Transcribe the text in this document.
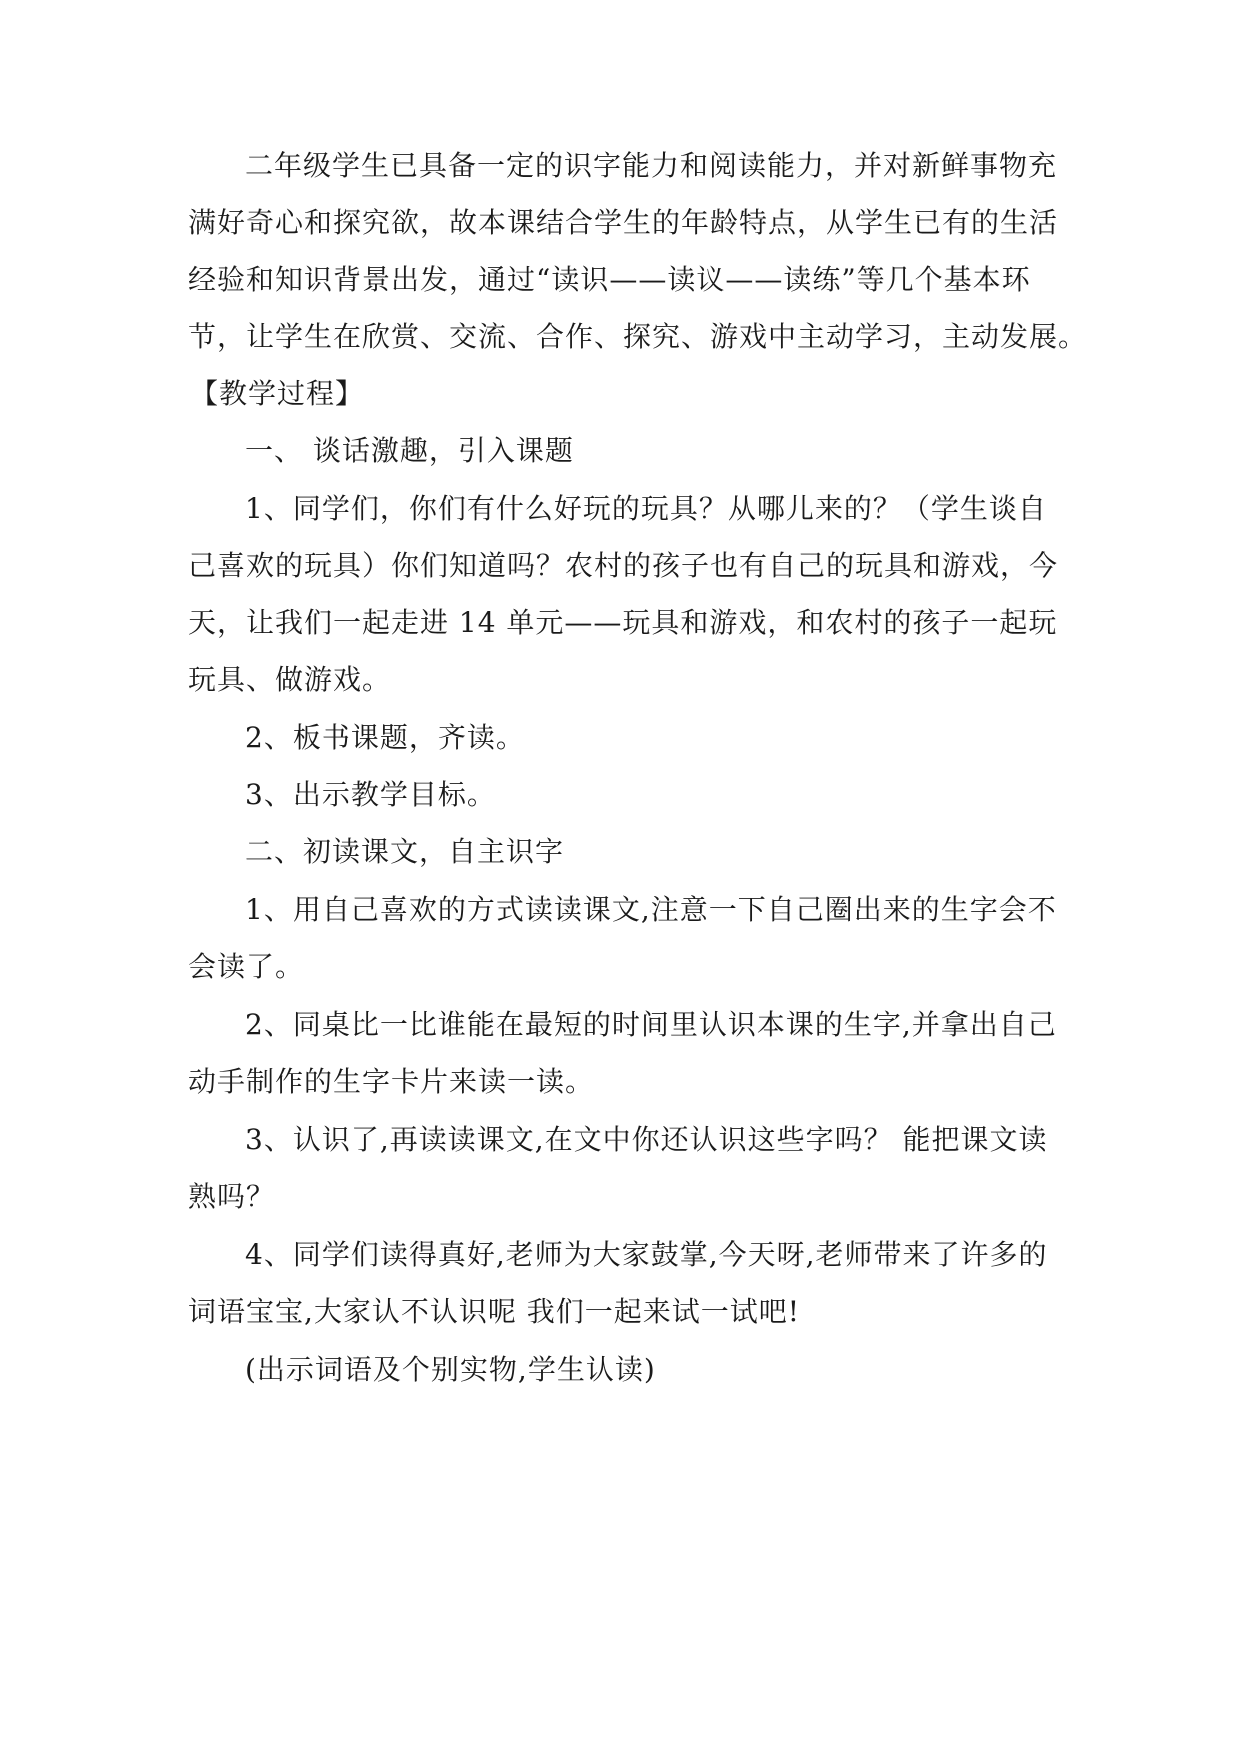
二年级学生已具备一定的识字能力和阅读能力，并对新鲜事物充
满好奇心和探究欲，故本课结合学生的年龄特点，从学生已有的生活
经验和知识背景出发，通过“读识——读议——读练”等几个基本环
节，让学生在欣赏、交流、合作、探究、游戏中主动学习，主动发展。
【教学过程】
一、 谈话激趣，引入课题
1、同学们，你们有什么好玩的玩具？从哪儿来的？（学生谈自
己喜欢的玩具）你们知道吗？农村的孩子也有自己的玩具和游戏，今
天，让我们一起走进 14 单元——玩具和游戏，和农村的孩子一起玩
玩具、做游戏。
2、板书课题，齐读。
3、出示教学目标。
二、初读课文，自主识字
1、用自己喜欢的方式读读课文,注意一下自己圈出来的生字会不
会读了。
2、同桌比一比谁能在最短的时间里认识本课的生字,并拿出自己
动手制作的生字卡片来读一读。
3、认识了,再读读课文,在文中你还认识这些字吗？ 能把课文读
熟吗？
4、同学们读得真好,老师为大家鼓掌,今天呀,老师带来了许多的
词语宝宝,大家认不认识呢 我们一起来试一试吧!
(出示词语及个别实物,学生认读)
